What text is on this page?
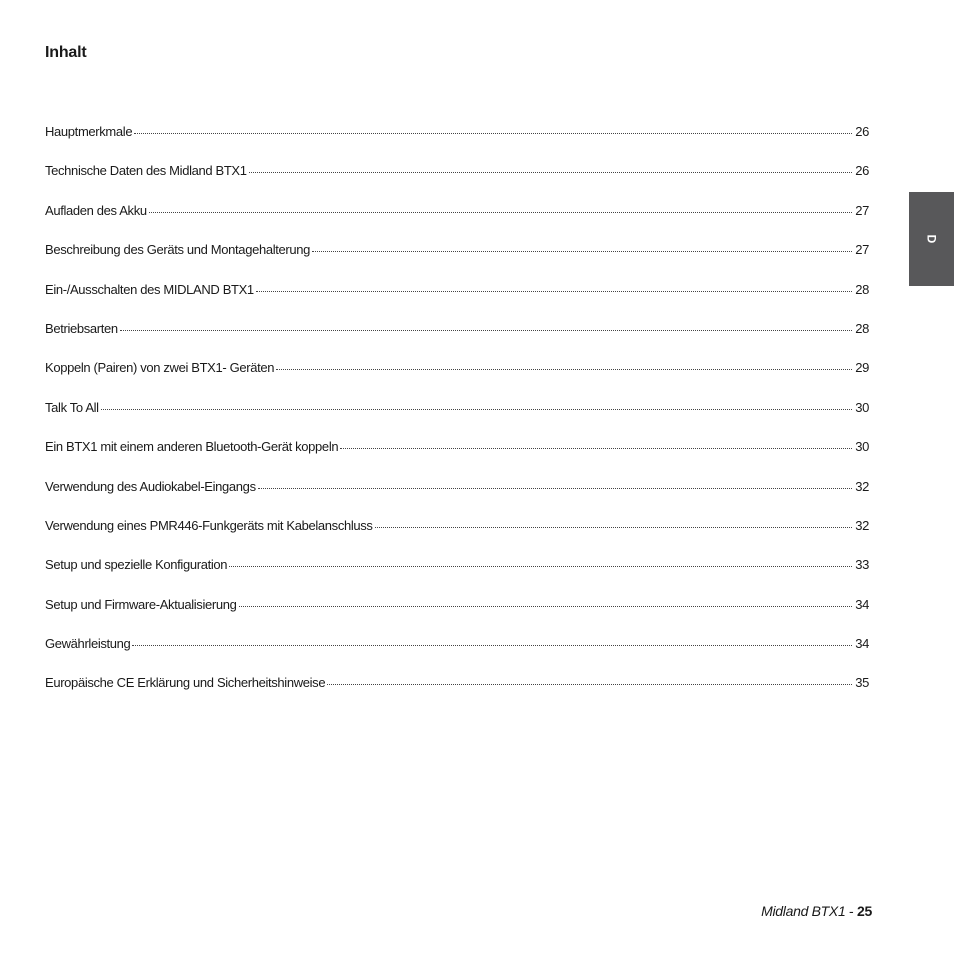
Inhalt
Hauptmerkmale	26
Technische Daten des Midland BTX1	26
Aufladen des Akku	27
Beschreibung des Geräts und Montagehalterung	27
Ein-/Ausschalten des MIDLAND BTX1	28
Betriebsarten	28
Koppeln (Pairen) von zwei BTX1- Geräten	29
Talk To All	30
Ein BTX1 mit einem anderen Bluetooth-Gerät koppeln	30
Verwendung des Audiokabel-Eingangs	32
Verwendung eines PMR446-Funkgeräts mit Kabelanschluss	32
Setup und spezielle Konfiguration	33
Setup und Firmware-Aktualisierung	34
Gewährleistung	34
Europäische CE Erklärung und Sicherheitshinweise	35
D
Midland BTX1 - 25
